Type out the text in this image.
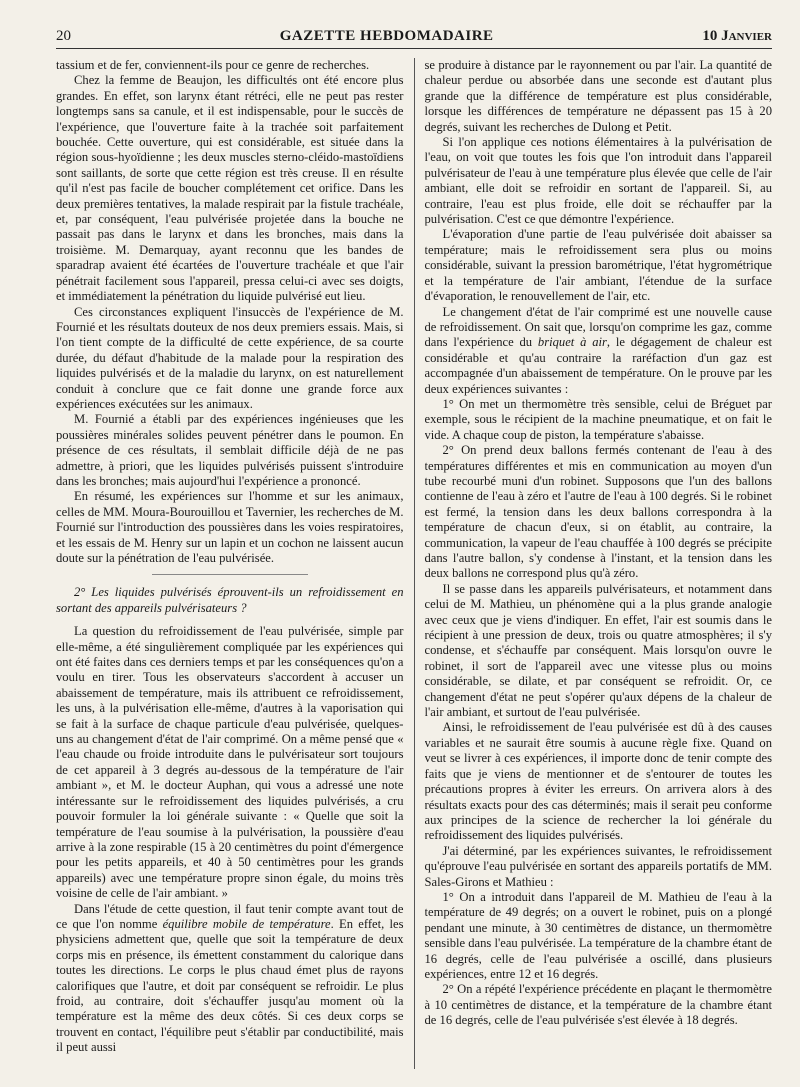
20	GAZETTE HEBDOMADAIRE	10 Janvier

tassium et de fer, conviennent-ils pour ce genre de recherches.

Chez la femme de Beaujon, les difficultés ont été encore plus grandes. En effet, son larynx étant rétréci, elle ne peut pas rester longtemps sans sa canule, et il est indispensable, pour le succès de l'expérience, que l'ouverture faite à la trachée soit parfaitement bouchée. Cette ouverture, qui est considérable, est située dans la région sous-hyoïdienne ; les deux muscles sterno-cléido-mastoïdiens sont saillants, de sorte que cette région est très creuse. Il en résulte qu'il n'est pas facile de boucher complétement cet orifice. Dans les deux premières tentatives, la malade respirait par la fistule trachéale, et, par conséquent, l'eau pulvérisée projetée dans la bouche ne passait pas dans le larynx et dans les bronches, mais dans la troisième. M. Demarquay, ayant reconnu que les bandes de sparadrap avaient été écartées de l'ouverture trachéale et que l'air pénétrait facilement sous l'appareil, pressa celui-ci avec ses doigts, et immédiatement la pénétration du liquide pulvérisé eut lieu.

Ces circonstances expliquent l'insuccès de l'expérience de M. Fournié et les résultats douteux de nos deux premiers essais. Mais, si l'on tient compte de la difficulté de cette expérience, de sa courte durée, du défaut d'habitude de la malade pour la respiration des liquides pulvérisés et de la maladie du larynx, on est naturellement conduit à conclure que ce fait donne une grande force aux expériences exécutées sur les animaux.

M. Fournié a établi par des expériences ingénieuses que les poussières minérales solides peuvent pénétrer dans le poumon. En présence de ces résultats, il semblait difficile déjà de ne pas admettre, à priori, que les liquides pulvérisés puissent s'introduire dans les bronches; mais aujourd'hui l'expérience a prononcé.

En résumé, les expériences sur l'homme et sur les animaux, celles de MM. Moura-Bourouillou et Tavernier, les recherches de M. Fournié sur l'introduction des poussières dans les voies respiratoires, et les essais de M. Henry sur un lapin et un cochon ne laissent aucun doute sur la pénétration de l'eau pulvérisée.

2° Les liquides pulvérisés éprouvent-ils un refroidissement en sortant des appareils pulvérisateurs ?

La question du refroidissement de l'eau pulvérisée, simple par elle-même, a été singulièrement compliquée par les expériences qui ont été faites dans ces derniers temps et par les conséquences qu'on a voulu en tirer. Tous les observateurs s'accordent à accuser un abaissement de température, mais ils attribuent ce refroidissement, les uns, à la pulvérisation elle-même, d'autres à la vaporisation qui se fait à la surface de chaque particule d'eau pulvérisée, quelques-uns au changement d'état de l'air comprimé. On a même pensé que « l'eau chaude ou froide introduite dans le pulvérisateur sort toujours de cet appareil à 3 degrés au-dessous de la température de l'air ambiant », et M. le docteur Auphan, qui vous a adressé une note intéressante sur le refroidissement des liquides pulvérisés, a cru pouvoir formuler la loi générale suivante : « Quelle que soit la température de l'eau soumise à la pulvérisation, la poussière d'eau arrive à la zone respirable (15 à 20 centimètres du point d'émergence pour les petits appareils, et 40 à 50 centimètres pour les grands appareils) avec une température propre sinon égale, du moins très voisine de celle de l'air ambiant. »

Dans l'étude de cette question, il faut tenir compte avant tout de ce que l'on nomme équilibre mobile de température. En effet, les physiciens admettent que, quelle que soit la température de deux corps mis en présence, ils émettent constamment du calorique dans toutes les directions. Le corps le plus chaud émet plus de rayons calorifiques que l'autre, et doit par conséquent se refroidir. Le plus froid, au contraire, doit s'échauffer jusqu'au moment où la température est la même des deux côtés. Si ces deux corps se trouvent en contact, l'équilibre peut s'établir par conductibilité, mais il peut aussi

se produire à distance par le rayonnement ou par l'air. La quantité de chaleur perdue ou absorbée dans une seconde est d'autant plus grande que la différence de température est plus considérable, lorsque les différences de température ne dépassent pas 15 à 20 degrés, suivant les recherches de Dulong et Petit.

Si l'on applique ces notions élémentaires à la pulvérisation de l'eau, on voit que toutes les fois que l'on introduit dans l'appareil pulvérisateur de l'eau à une température plus élevée que celle de l'air ambiant, elle doit se refroidir en sortant de l'appareil. Si, au contraire, l'eau est plus froide, elle doit se réchauffer par la pulvérisation. C'est ce que démontre l'expérience.

L'évaporation d'une partie de l'eau pulvérisée doit abaisser sa température; mais le refroidissement sera plus ou moins considérable, suivant la pression barométrique, l'état hygrométrique et la température de l'air ambiant, l'étendue de la surface d'évaporation, le renouvellement de l'air, etc.

Le changement d'état de l'air comprimé est une nouvelle cause de refroidissement. On sait que, lorsqu'on comprime les gaz, comme dans l'expérience du briquet à air, le dégagement de chaleur est considérable et qu'au contraire la raréfaction d'un gaz est accompagnée d'un abaissement de température. On le prouve par les deux expériences suivantes :

1° On met un thermomètre très sensible, celui de Bréguet par exemple, sous le récipient de la machine pneumatique, et on fait le vide. A chaque coup de piston, la température s'abaisse.

2° On prend deux ballons fermés contenant de l'eau à des températures différentes et mis en communication au moyen d'un tube recourbé muni d'un robinet. Supposons que l'un des ballons contienne de l'eau à zéro et l'autre de l'eau à 100 degrés. Si le robinet est fermé, la tension dans les deux ballons correspondra à la température de chacun d'eux, si on établit, au contraire, la communication, la vapeur de l'eau chauffée à 100 degrés se précipite dans l'autre ballon, s'y condense à l'instant, et la tension dans les deux ballons ne correspond plus qu'à zéro.

Il se passe dans les appareils pulvérisateurs, et notamment dans celui de M. Mathieu, un phénomène qui a la plus grande analogie avec ceux que je viens d'indiquer. En effet, l'air est soumis dans le récipient à une pression de deux, trois ou quatre atmosphères; il s'y condense, et s'échauffe par conséquent. Mais lorsqu'on ouvre le robinet, il sort de l'appareil avec une vitesse plus ou moins considérable, se dilate, et par conséquent se refroidit. Or, ce changement d'état ne peut s'opérer qu'aux dépens de la chaleur de l'air ambiant, et surtout de l'eau pulvérisée.

Ainsi, le refroidissement de l'eau pulvérisée est dû à des causes variables et ne saurait être soumis à aucune règle fixe. Quand on veut se livrer à ces expériences, il importe donc de tenir compte des faits que je viens de mentionner et de s'entourer de toutes les précautions propres à éviter les erreurs. On arrivera alors à des résultats exacts pour des cas déterminés; mais il serait peu conforme aux principes de la science de rechercher la loi générale du refroidissement des liquides pulvérisés.

J'ai déterminé, par les expériences suivantes, le refroidissement qu'éprouve l'eau pulvérisée en sortant des appareils portatifs de MM. Sales-Girons et Mathieu :

1° On a introduit dans l'appareil de M. Mathieu de l'eau à la température de 49 degrés; on a ouvert le robinet, puis on a plongé pendant une minute, à 30 centimètres de distance, un thermomètre sensible dans l'eau pulvérisée. La température de la chambre étant de 16 degrés, celle de l'eau pulvérisée a oscillé, dans plusieurs expériences, entre 12 et 16 degrés.

2° On a répété l'expérience précédente en plaçant le thermomètre à 10 centimètres de distance, et la température de la chambre étant de 16 degrés, celle de l'eau pulvérisée s'est élevée à 18 degrés.
